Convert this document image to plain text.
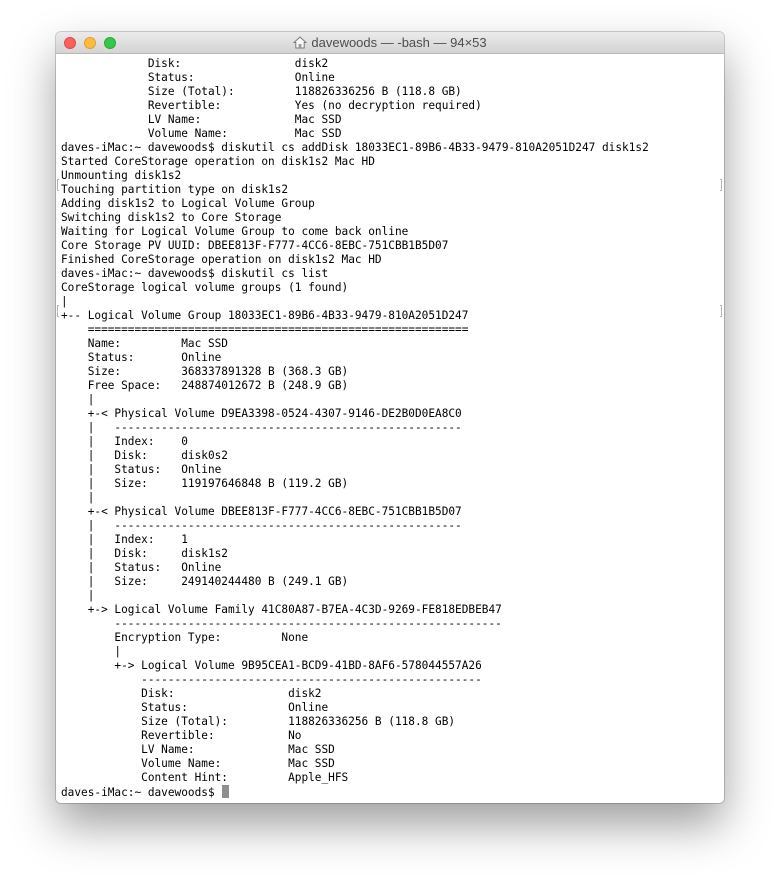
davewoods — -bash — 94×53
Disk:                 disk2
Status:               Online
Size (Total):         118826336256 B (118.8 GB)
Revertible:           Yes (no decryption required)
LV Name:              Mac SSD
Volume Name:          Mac SSD
daves-iMac:~ davewoods$ diskutil cs addDisk 18033EC1-89B6-4B33-9479-810A2051D247 disk1s2
Started CoreStorage operation on disk1s2 Mac HD
Unmounting disk1s2
Touching partition type on disk1s2
Adding disk1s2 to Logical Volume Group
Switching disk1s2 to Core Storage
Waiting for Logical Volume Group to come back online
Core Storage PV UUID: DBEE813F-F777-4CC6-8EBC-751CBB1B5D07
Finished CoreStorage operation on disk1s2 Mac HD
daves-iMac:~ davewoods$ diskutil cs list
CoreStorage logical volume groups (1 found)
|
+-- Logical Volume Group 18033EC1-89B6-4B33-9479-810A2051D247
=========================================================
Name:         Mac SSD
Status:       Online
Size:         368337891328 B (368.3 GB)
Free Space:   248874012672 B (248.9 GB)
|
+-< Physical Volume D9EA3398-0524-4307-9146-DE2B0D0EA8C0
|   ----------------------------------------------------
|   Index:    0
|   Disk:     disk0s2
|   Status:   Online
|   Size:     119197646848 B (119.2 GB)
|
+-< Physical Volume DBEE813F-F777-4CC6-8EBC-751CBB1B5D07
|   ----------------------------------------------------
|   Index:    1
|   Disk:     disk1s2
|   Status:   Online
|   Size:     249140244480 B (249.1 GB)
|
+-> Logical Volume Family 41C80A87-B7EA-4C3D-9269-FE818EDBEB47
----------------------------------------------------------
Encryption Type:         None
|
+-> Logical Volume 9B95CEA1-BCD9-41BD-8AF6-578044557A26
---------------------------------------------------
Disk:                 disk2
Status:               Online
Size (Total):         118826336256 B (118.8 GB)
Revertible:           No
LV Name:              Mac SSD
Volume Name:          Mac SSD
Content Hint:         Apple_HFS
daves-iMac:~ davewoods$
